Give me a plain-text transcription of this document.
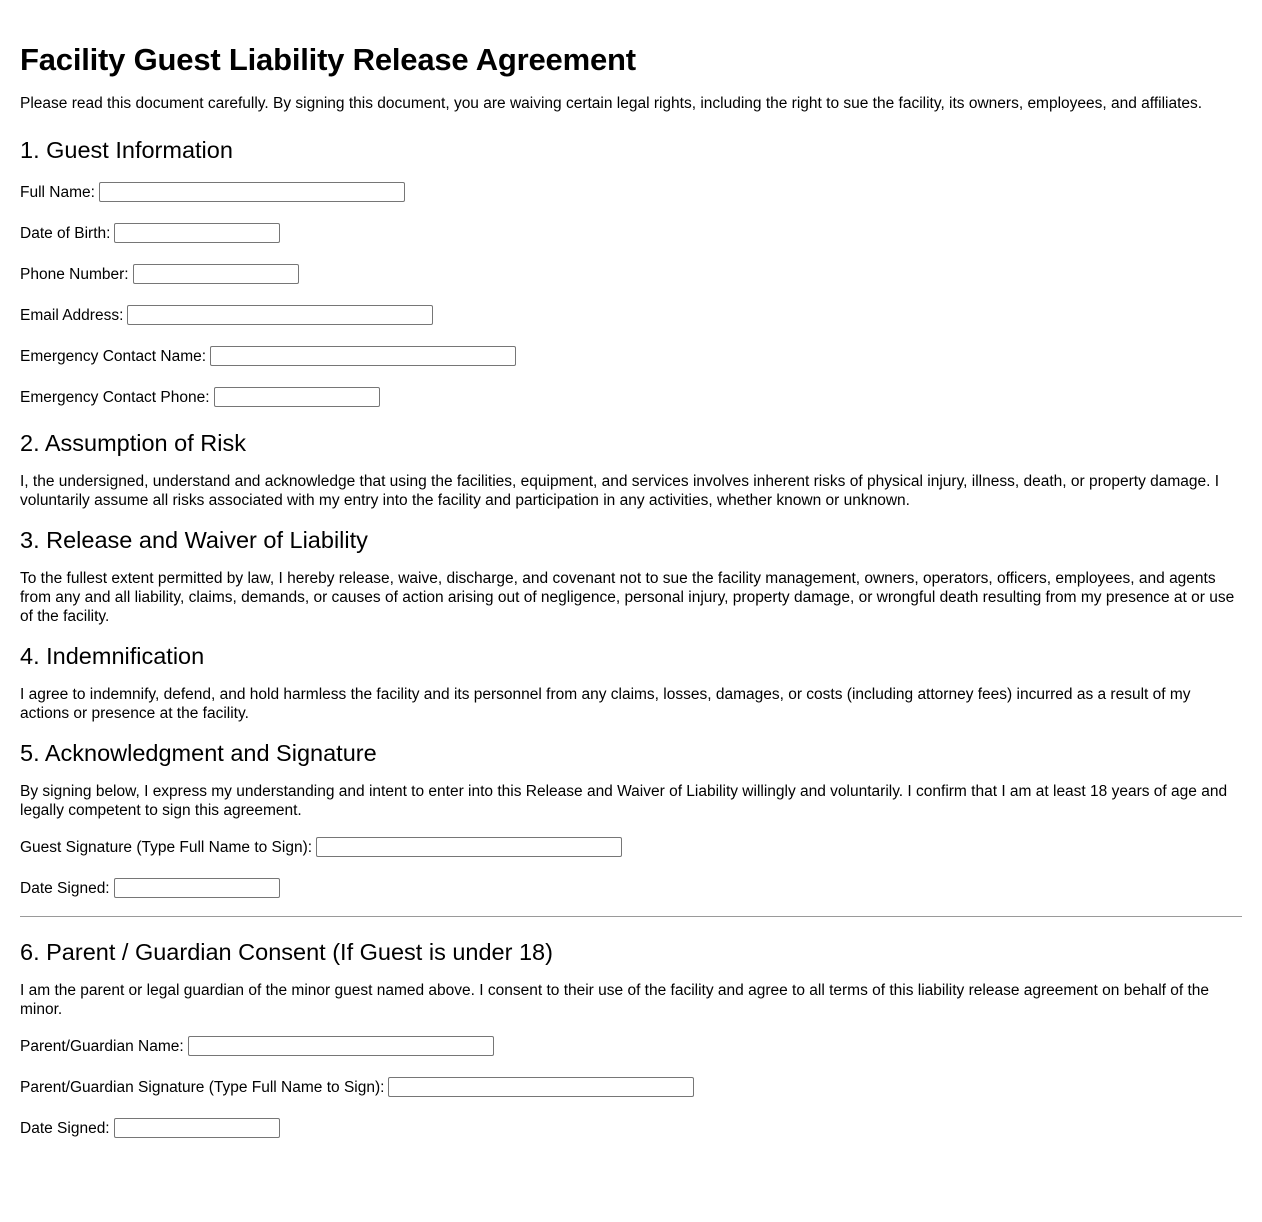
Facility Guest Liability Release Agreement

Please read this document carefully. By signing this document, you are waiving certain legal rights, including the right to sue the facility, its owners, employees, and affiliates.

1. Guest Information
Full Name:
Date of Birth:
Phone Number:
Email Address:
Emergency Contact Name:
Emergency Contact Phone:
2. Assumption of Risk

I, the undersigned, understand and acknowledge that using the facilities, equipment, and services involves inherent risks of physical injury, illness, death, or property damage. I voluntarily assume all risks associated with my entry into the facility and participation in any activities, whether known or unknown.

3. Release and Waiver of Liability

To the fullest extent permitted by law, I hereby release, waive, discharge, and covenant not to sue the facility management, owners, operators, officers, employees, and agents from any and all liability, claims, demands, or causes of action arising out of negligence, personal injury, property damage, or wrongful death resulting from my presence at or use of the facility.

4. Indemnification

I agree to indemnify, defend, and hold harmless the facility and its personnel from any claims, losses, damages, or costs (including attorney fees) incurred as a result of my actions or presence at the facility.

5. Acknowledgment and Signature

By signing below, I express my understanding and intent to enter into this Release and Waiver of Liability willingly and voluntarily. I confirm that I am at least 18 years of age and legally competent to sign this agreement.

Guest Signature (Type Full Name to Sign):
Date Signed:
6. Parent / Guardian Consent (If Guest is under 18)

I am the parent or legal guardian of the minor guest named above. I consent to their use of the facility and agree to all terms of this liability release agreement on behalf of the minor.

Parent/Guardian Name:
Parent/Guardian Signature (Type Full Name to Sign):
Date Signed:
